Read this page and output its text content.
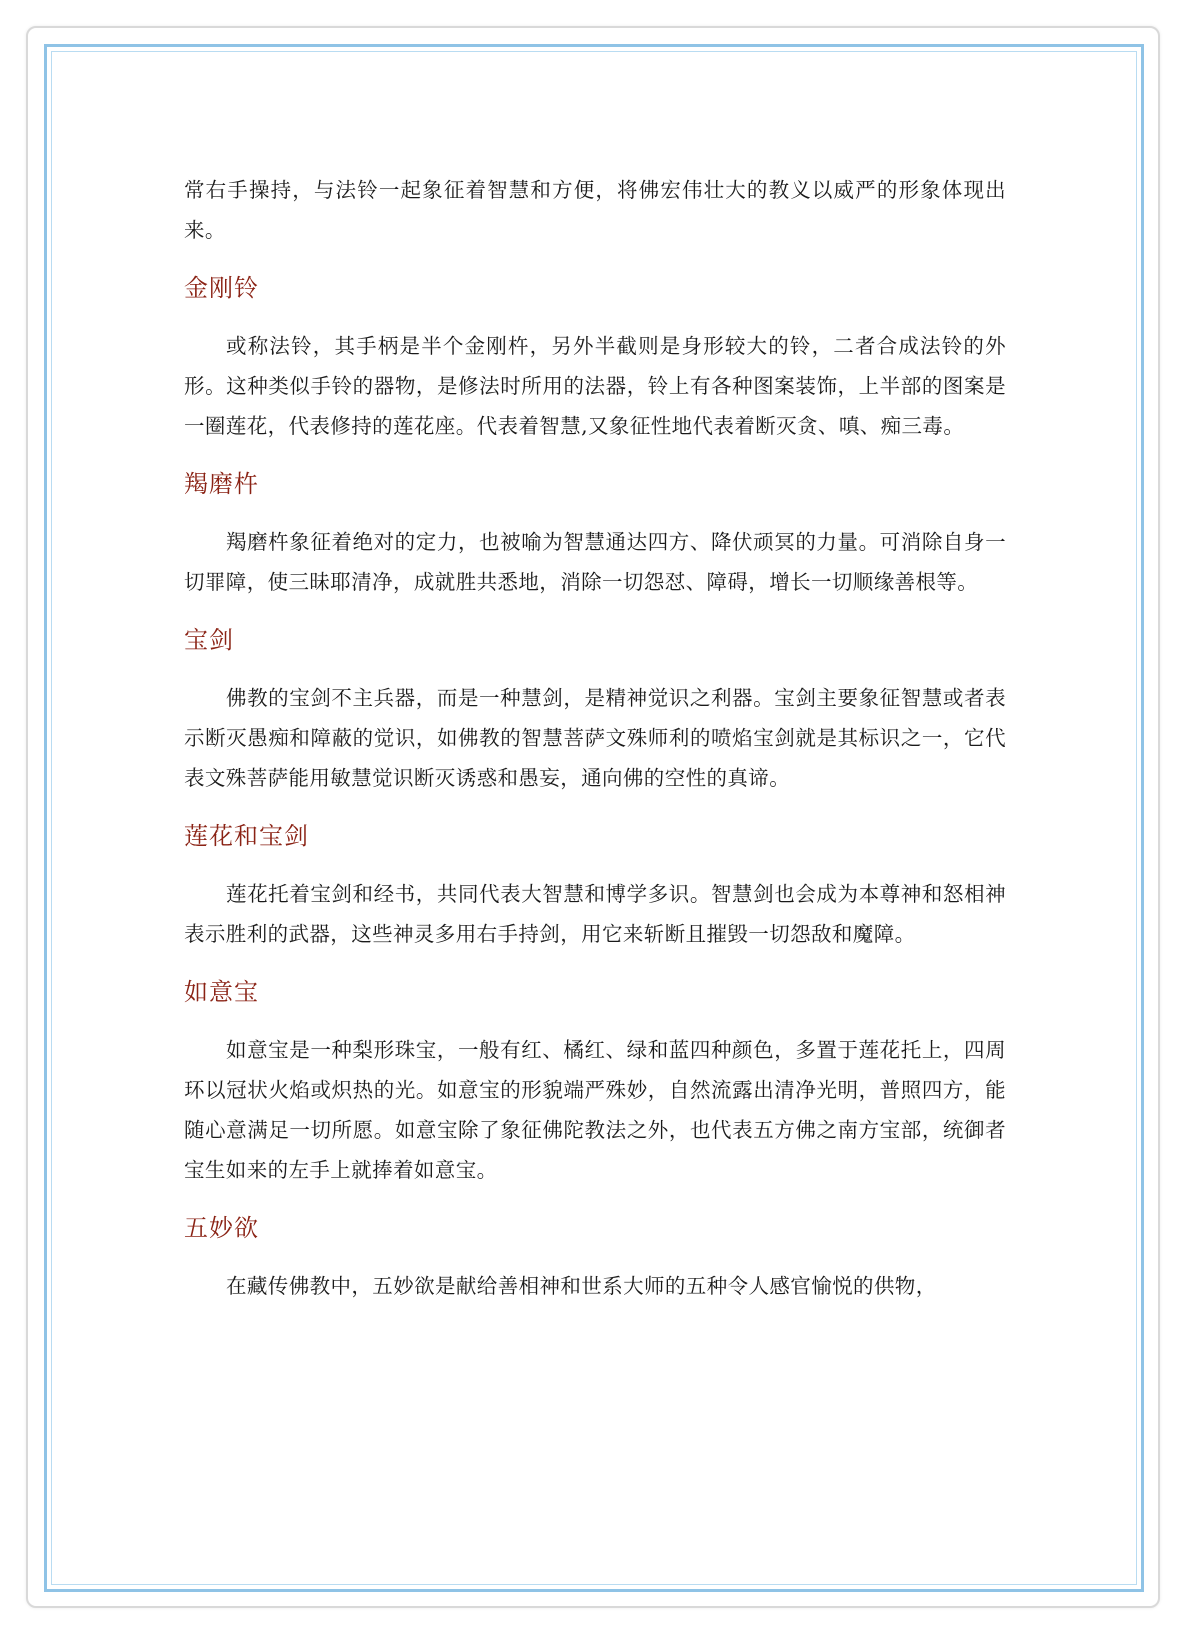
常右手操持，与法铃一起象征着智慧和方便，将佛宏伟壮大的教义以威严的形象体现出来。

金刚铃

或称法铃，其手柄是半个金刚杵，另外半截则是身形较大的铃，二者合成法铃的外形。这种类似手铃的器物，是修法时所用的法器，铃上有各种图案装饰，上半部的图案是一圈莲花，代表修持的莲花座。代表着智慧,又象征性地代表着断灭贪、嗔、痴三毒。

羯磨杵

羯磨杵象征着绝对的定力，也被喻为智慧通达四方、降伏顽冥的力量。可消除自身一切罪障，使三昧耶清净，成就胜共悉地，消除一切怨怼、障碍，增长一切顺缘善根等。

宝剑

佛教的宝剑不主兵器，而是一种慧剑，是精神觉识之利器。宝剑主要象征智慧或者表示断灭愚痴和障蔽的觉识，如佛教的智慧菩萨文殊师利的喷焰宝剑就是其标识之一，它代表文殊菩萨能用敏慧觉识断灭诱惑和愚妄，通向佛的空性的真谛。

莲花和宝剑

莲花托着宝剑和经书，共同代表大智慧和博学多识。智慧剑也会成为本尊神和怒相神表示胜利的武器，这些神灵多用右手持剑，用它来斩断且摧毁一切怨敌和魔障。

如意宝

如意宝是一种梨形珠宝，一般有红、橘红、绿和蓝四种颜色，多置于莲花托上，四周环以冠状火焰或炽热的光。如意宝的形貌端严殊妙，自然流露出清净光明，普照四方，能随心意满足一切所愿。如意宝除了象征佛陀教法之外，也代表五方佛之南方宝部，统御者宝生如来的左手上就捧着如意宝。

五妙欲

在藏传佛教中，五妙欲是献给善相神和世系大师的五种令人感官愉悦的供物，
